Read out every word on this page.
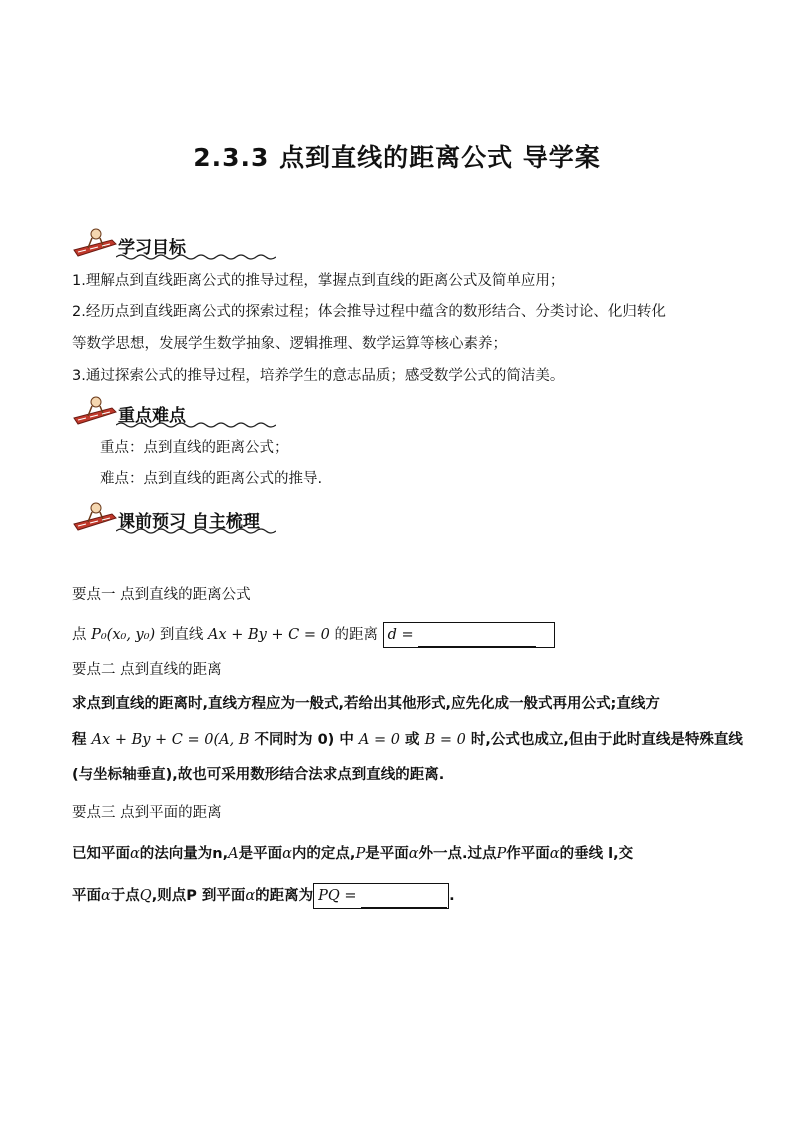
2.3.3 点到直线的距离公式 导学案
学习目标
1.理解点到直线距离公式的推导过程，掌握点到直线的距离公式及简单应用；
2.经历点到直线距离公式的探索过程；体会推导过程中蕴含的数形结合、分类讨论、化归转化
等数学思想，发展学生数学抽象、逻辑推理、数学运算等核心素养；
3.通过探索公式的推导过程，培养学生的意志品质；感受数学公式的简洁美。
重点难点
重点：点到直线的距离公式；
难点：点到直线的距离公式的推导.
课前预习 自主梳理
要点一 点到直线的距离公式
点 P₀(x₀, y₀) 到直线 Ax + By + C = 0 的距离 d =
要点二 点到直线的距离
求点到直线的距离时,直线方程应为一般式,若给出其他形式,应先化成一般式再用公式;直线方
程 Ax + By + C = 0(A, B 不同时为 0) 中 A = 0 或 B = 0 时,公式也成立,但由于此时直线是特殊直线
(与坐标轴垂直),故也可采用数形结合法求点到直线的距离.
要点三 点到平面的距离
已知平面α的法向量为n,A是平面α内的定点,P是平面α外一点.过点P作平面α的垂线 l,交
平面α于点Q,则点P 到平面α的距离为 PQ =	.
